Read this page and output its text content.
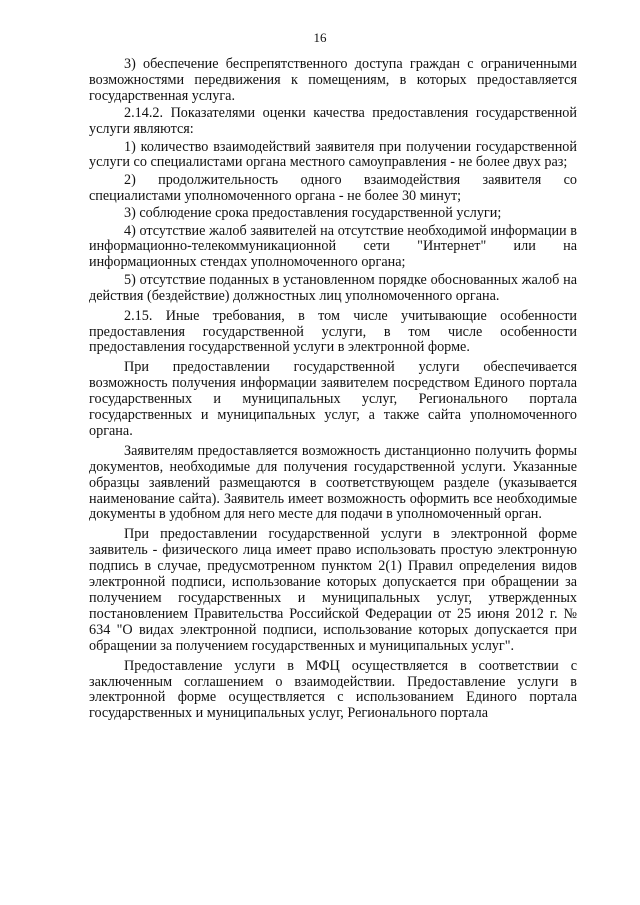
16

3) обеспечение беспрепятственного доступа граждан с ограниченными возможностями передвижения к помещениям, в которых предоставляется государственная услуга.

2.14.2. Показателями оценки качества предоставления государственной услуги являются:

1) количество взаимодействий заявителя при получении государственной услуги со специалистами органа местного самоуправления - не более двух раз;

2) продолжительность одного взаимодействия заявителя со специалистами уполномоченного органа - не более 30 минут;

3) соблюдение срока предоставления государственной услуги;

4) отсутствие жалоб заявителей на отсутствие необходимой информации в информационно-телекоммуникационной сети "Интернет" или на информационных стендах уполномоченного органа;

5) отсутствие поданных в установленном порядке обоснованных жалоб на действия (бездействие) должностных лиц уполномоченного органа.

2.15. Иные требования, в том числе учитывающие особенности предоставления государственной услуги, в том числе особенности предоставления государственной услуги в электронной форме.

При предоставлении государственной услуги обеспечивается возможность получения информации заявителем посредством Единого портала государственных и муниципальных услуг, Регионального портала государственных и муниципальных услуг, а также сайта уполномоченного органа.

Заявителям предоставляется возможность дистанционно получить формы документов, необходимые для получения государственной услуги. Указанные образцы заявлений размещаются в соответствующем разделе (указывается наименование сайта). Заявитель имеет возможность оформить все необходимые документы в удобном для него месте для подачи в уполномоченный орган.

При предоставлении государственной услуги в электронной форме заявитель - физического лица имеет право использовать простую электронную подпись в случае, предусмотренном пунктом 2(1) Правил определения видов электронной подписи, использование которых допускается при обращении за получением государственных и муниципальных услуг, утвержденных постановлением Правительства Российской Федерации от 25 июня 2012 г. № 634 "О видах электронной подписи, использование которых допускается при обращении за получением государственных и муниципальных услуг".

Предоставление услуги в МФЦ осуществляется в соответствии с заключенным соглашением о взаимодействии. Предоставление услуги в электронной форме осуществляется с использованием Единого портала государственных и муниципальных услуг, Регионального портала
